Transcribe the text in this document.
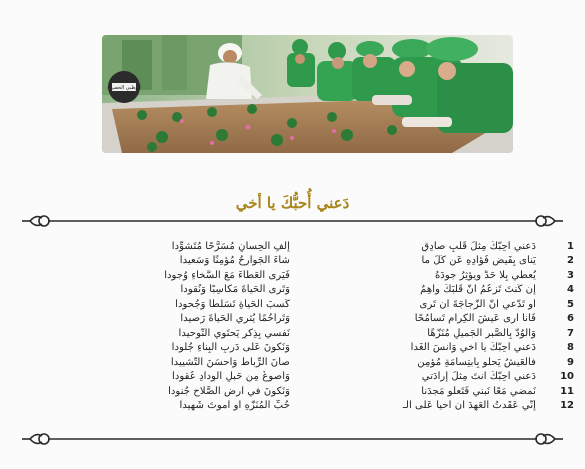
أبوظبي الخضراء
دَعني أُحبُّكَ يا أخي
1
دَعني أُحِبُّكَ مِثلَ قَلبٍ صادِقٍ
إِلفِ الحِسانِ مُسَرَّحًا مُتَشوِّدا
2
يَنأى بِفَيضِ فُؤادِهِ عَن كُلِّ ما
شاءَ الجَوارِحُ مُؤمِنًا وَسَعيدا
3
يُعطي بِلا حَدٍّ ويؤثِرُ جودَهُ
فَيَرى العَطاءَ مَعَ السَّخاءِ وُجودا
4
إِن كُنتَ تَزعُمُ أَنَّ قَلبَكَ واهِمٌ
وَتَرى الحَياةَ مَكاسِبًا وَنُقودا
5
أَو تَدَّعي أَنَّ الزُّجاجَةَ أَن تَرى
كَسبَ الحَياةِ تَسَلُّطًا وَجُحودا
6
فَأَنا أَرى عَيشَ الكِرامِ تَسامُحًا
وَتَراحُمًا يُثري الحَياةَ رَصيدا
7
وَالوُدُّ بِالصَّبرِ الجَميلِ مُنَزَّهًا
نَفسي بِذِكرٍ يَحتَوي التَّوحيدا
8
دَعني أُحِبُّكَ يا أَخي وَأَنسَ الغَدا
وَنَكونَ عَلى دَربِ البِناءِ جُلودا
9
فالعَيشُ يَحلو بِابتِسامَةِ مُؤمِنٍ
صانَ الرِّباطَ وَأَحسَنَ التَّشييدا
10
دَعني أُحِبُّكَ أَنتَ مِثلَ إِرادَتي
وَأَصوغُ مِن حَبلِ الوِدادِ عُقودا
11
نَمضي مَعًا نَبني فَتَعلو مَجدَنا
وَنَكونَ في أَرضِ الصَّلاحِ جُنودا
12
إِنّي عَقَدتُ العَهدَ أَن أَحيا عَلى الـ
حُبِّ المُنَزَّهِ أَو أَموتَ شَهيدا
